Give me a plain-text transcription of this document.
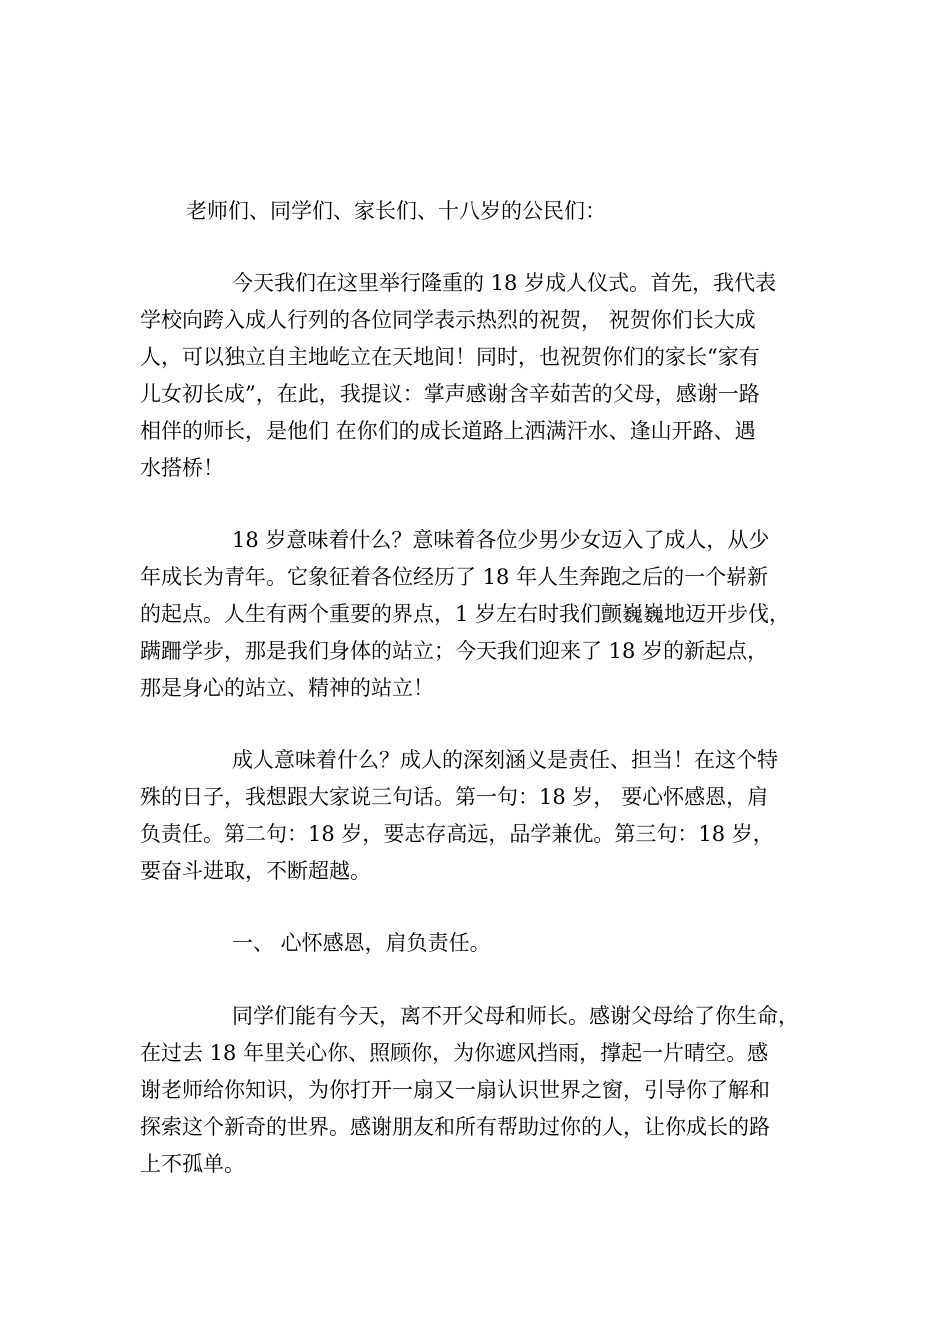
老师们、同学们、家长们、十八岁的公民们：
今天我们在这里举行隆重的 18 岁成人仪式。首先，我代表
学校向跨入成人行列的各位同学表示热烈的祝贺， 祝贺你们长大成
人，可以独立自主地屹立在天地间！同时，也祝贺你们的家长“家有
儿女初长成”，在此，我提议：掌声感谢含辛茹苦的父母，感谢一路
相伴的师长，是他们 在你们的成长道路上洒满汗水、逢山开路、遇
水搭桥！
18 岁意味着什么？意味着各位少男少女迈入了成人，从少
年成长为青年。它象征着各位经历了 18 年人生奔跑之后的一个崭新
的起点。人生有两个重要的界点，1 岁左右时我们颤巍巍地迈开步伐，
蹒跚学步，那是我们身体的站立；今天我们迎来了 18 岁的新起点，
那是身心的站立、精神的站立！
成人意味着什么？成人的深刻涵义是责任、担当！在这个特
殊的日子，我想跟大家说三句话。第一句：18 岁， 要心怀感恩，肩
负责任。第二句：18 岁，要志存高远，品学兼优。第三句：18 岁，
要奋斗进取，不断超越。
一、 心怀感恩，肩负责任。
同学们能有今天，离不开父母和师长。感谢父母给了你生命，
在过去 18 年里关心你、照顾你，为你遮风挡雨，撑起一片晴空。感
谢老师给你知识，为你打开一扇又一扇认识世界之窗，引导你了解和
探索这个新奇的世界。感谢朋友和所有帮助过你的人，让你成长的路
上不孤单。
